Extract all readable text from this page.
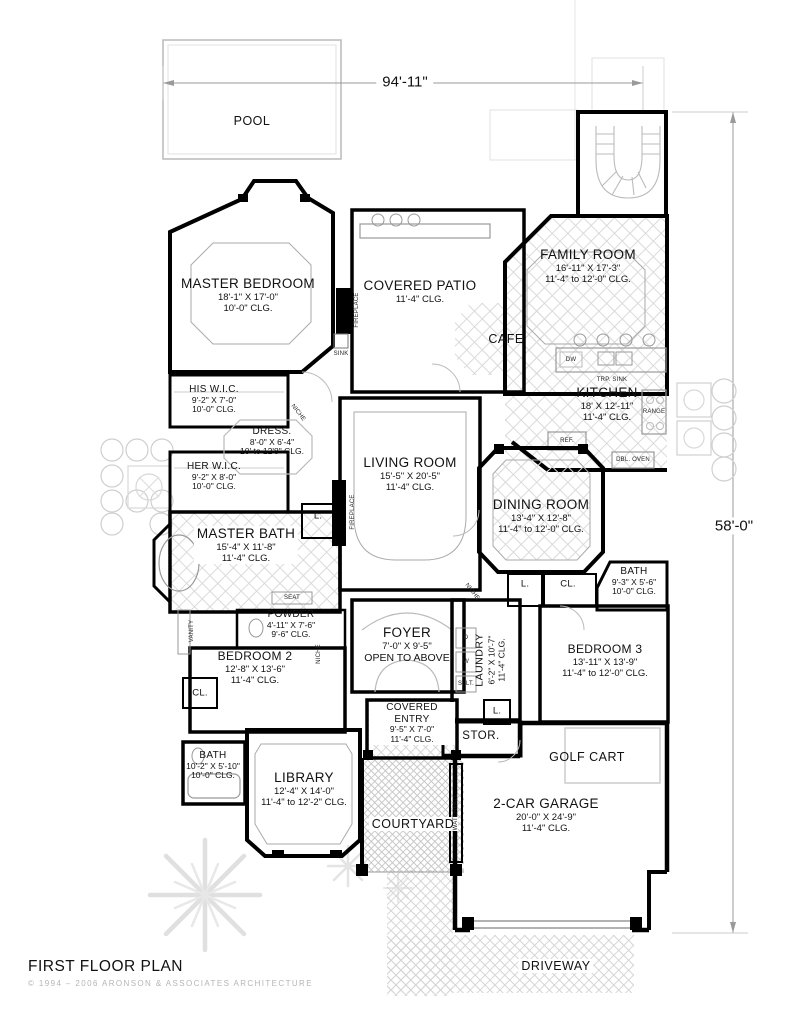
94'-11"
58'-0"
POOL
MASTER BEDROOM
18'-1" X 17'-0"
10'-0" CLG.
COVERED PATIO
11'-4" CLG.
FAMILY ROOM
16'-11" X 17'-3"
11'-4" to 12'-0" CLG.
CAFE
KITCHEN
18' X 12'-11"
11'-4" CLG.
HIS W.I.C.
9'-2" X 7'-0"
10'-0" CLG.
DRESS.
8'-0" X 6'-4"
10' to 12'8" CLG.
HER W.I.C.
9'-2" X 8'-0"
10'-0" CLG.
LIVING ROOM
15'-5" X 20'-5"
11'-4" CLG.
DINING ROOM
13'-4" X 12'-8"
11'-4" to 12'-0" CLG.
MASTER BATH
15'-4" X 11'-8"
11'-4" CLG.
BATH
9'-3" X 5'-6"
10'-0" CLG.
POWDER
4'-11" X 7'-6"
9'-6" CLG.
BEDROOM 2
12'-8" X 13'-6"
11'-4" CLG.
FOYER
7'-0" X 9'-5"
OPEN TO ABOVE LAUNDRY 6'-2" X 10'-7" 11'-4" CLG.	BEDROOM 3
13'-11" X 13'-9"
11'-4" to 12'-0" CLG.
COVERED ENTRY
9'-5" X 7'-0"
11'-4" CLG.	STOR.
GOLF CART
CL.
BATH
10'-2" X 5'-10"
10'-0" CLG.	LIBRARY
12'-4" X 14'-0"
11'-4" to 12'-2" CLG.	2-CAR GARAGE
20'-0" X 24'-9"
11'-4" CLG.
COURTYARD
DRIVEWAY
L.
L.	CL.
L.
FIREPLACE
FIREPLACE
SINK
DW
TRP. SINK
RANGE
REF.
DBL. OVEN
SEAT
VANITY
WATERFALL
NICHE
NICHE
NICHE
D
W
S. LT.
FIRST FLOOR PLAN
© 1994 – 2006 ARONSON & ASSOCIATES ARCHITECTURE
